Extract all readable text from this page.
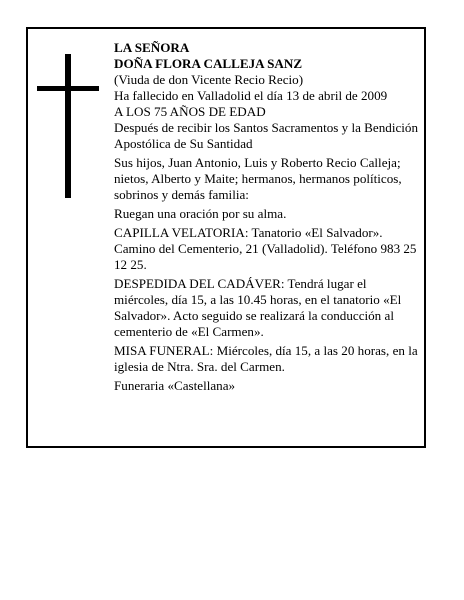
LA SEÑORA

DOÑA FLORA CALLEJA SANZ

(Viuda de don Vicente Recio Recio)

Ha fallecido en Valladolid el día 13 de abril de 2009

A LOS 75 AÑOS DE EDAD

Después de recibir los Santos Sacramentos y la Bendición Apostólica de Su Santidad

Sus hijos, Juan Antonio, Luis y Roberto Recio Calleja; nietos, Alberto y Maite; hermanos, hermanos políticos, sobrinos y demás familia:

Ruegan una oración por su alma.

CAPILLA VELATORIA: Tanatorio «El Salvador». Camino del Cementerio, 21 (Valladolid). Teléfono 983 25 12 25.

DESPEDIDA DEL CADÁVER: Tendrá lugar el miércoles, día 15, a las 10.45 horas, en el tanatorio «El Salvador». Acto seguido se realizará la conducción al cementerio de «El Carmen».

MISA FUNERAL: Miércoles, día 15, a las 20 horas, en la iglesia de Ntra. Sra. del Carmen.

Funeraria «Castellana»
